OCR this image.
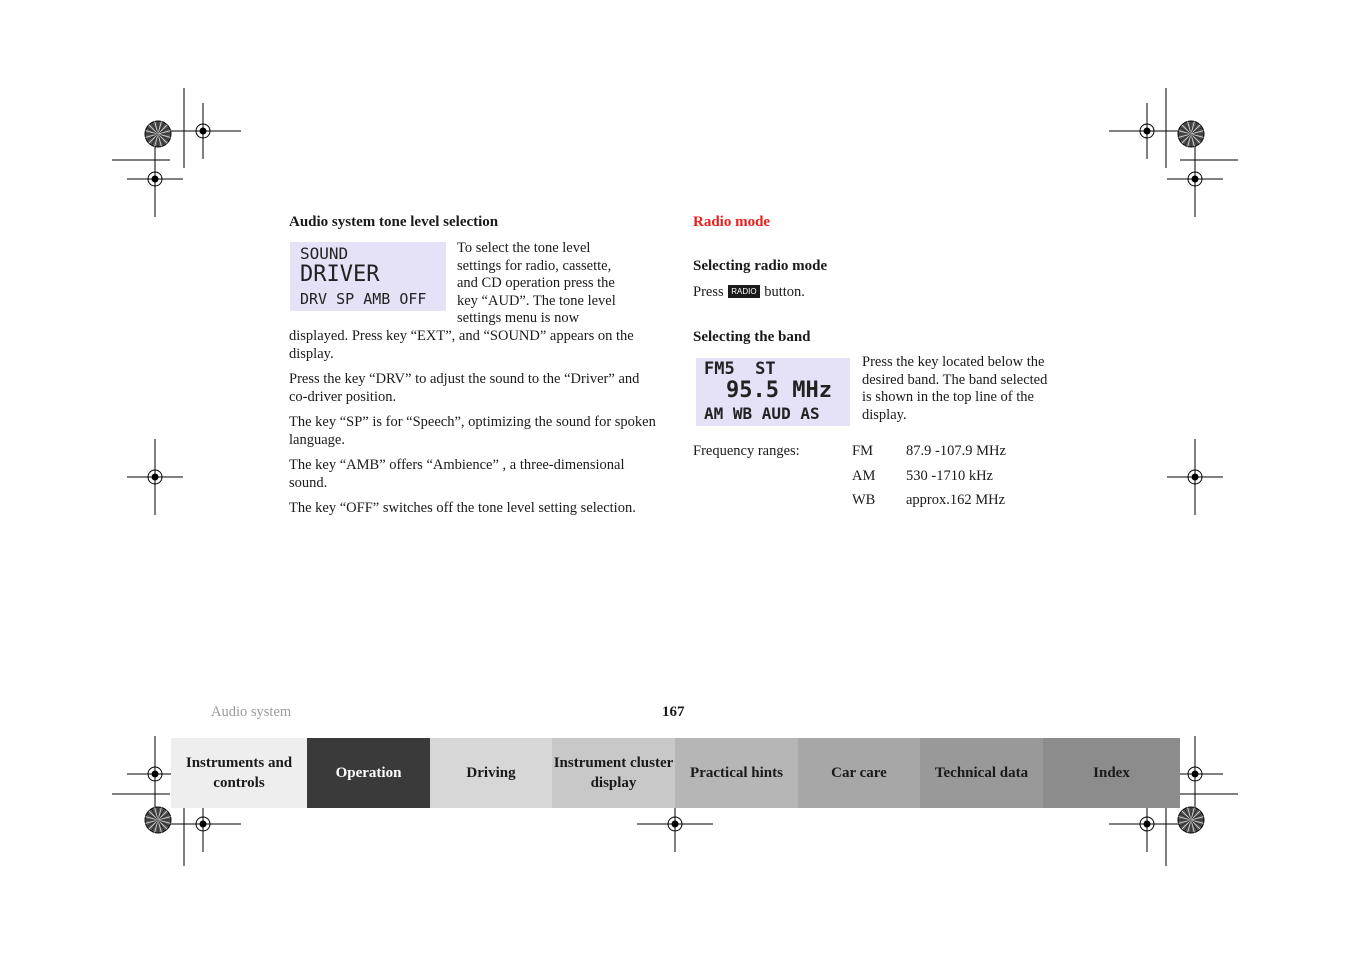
Audio system tone level selection
SOUND
DRIVER
DRV SP AMB OFF
To select the tone level
settings for radio, cassette,
and CD operation press the
key “AUD”. The tone level
settings menu is now

displayed. Press key “EXT”, and “SOUND” appears on the display.

Press the key “DRV” to adjust the sound to the “Driver” and co-driver position.

The key “SP” is for “Speech”, optimizing the sound for spoken language.

The key “AMB” offers “Ambience” , a three-dimensional sound.

The key “OFF” switches off the tone level setting selection.

Radio mode
Selecting radio mode
Press RADIO button.
Selecting the band
FM5  ST
95.5 MHz
AM WB AUD AS

Press the key located below the desired band. The band selected is shown in the top line of the display.

Frequency ranges:	FM	87.9 -107.9 MHz
	AM	530 -1710 kHz
	WB	approx.162 MHz
Audio system	167
Instruments and controls
Operation	Driving
Instrument cluster display
Practical hints	Car care	Technical data	Index
